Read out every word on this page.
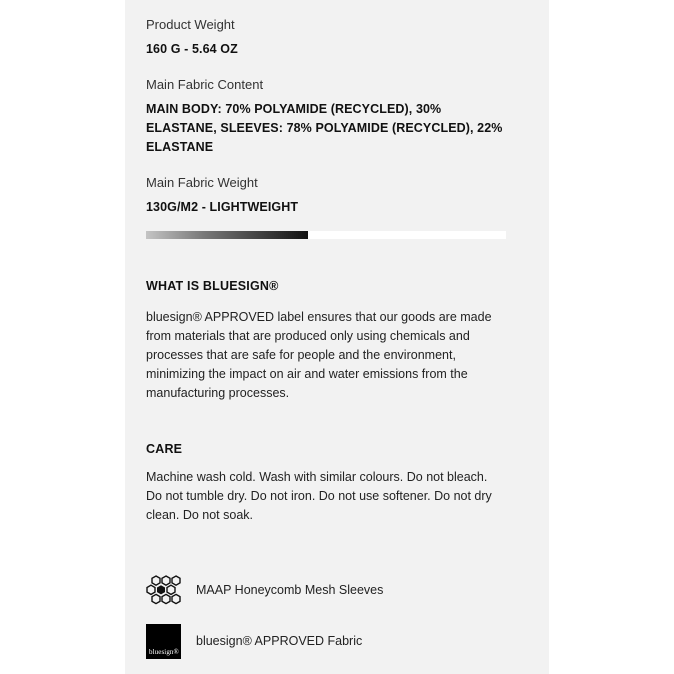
Product Weight
160 G - 5.64 OZ
Main Fabric Content
MAIN BODY: 70% POLYAMIDE (RECYCLED), 30% ELASTANE, SLEEVES: 78% POLYAMIDE (RECYCLED), 22% ELASTANE
Main Fabric Weight
130G/M2 - LIGHTWEIGHT
WHAT IS BLUESIGN®
bluesign® APPROVED label ensures that our goods are made from materials that are produced only using chemicals and processes that are safe for people and the environment, minimizing the impact on air and water emissions from the manufacturing processes.
CARE
Machine wash cold. Wash with similar colours. Do not bleach. Do not tumble dry. Do not iron. Do not use softener. Do not dry clean. Do not soak.
MAAP Honeycomb Mesh Sleeves
bluesign®
bluesign® APPROVED Fabric
